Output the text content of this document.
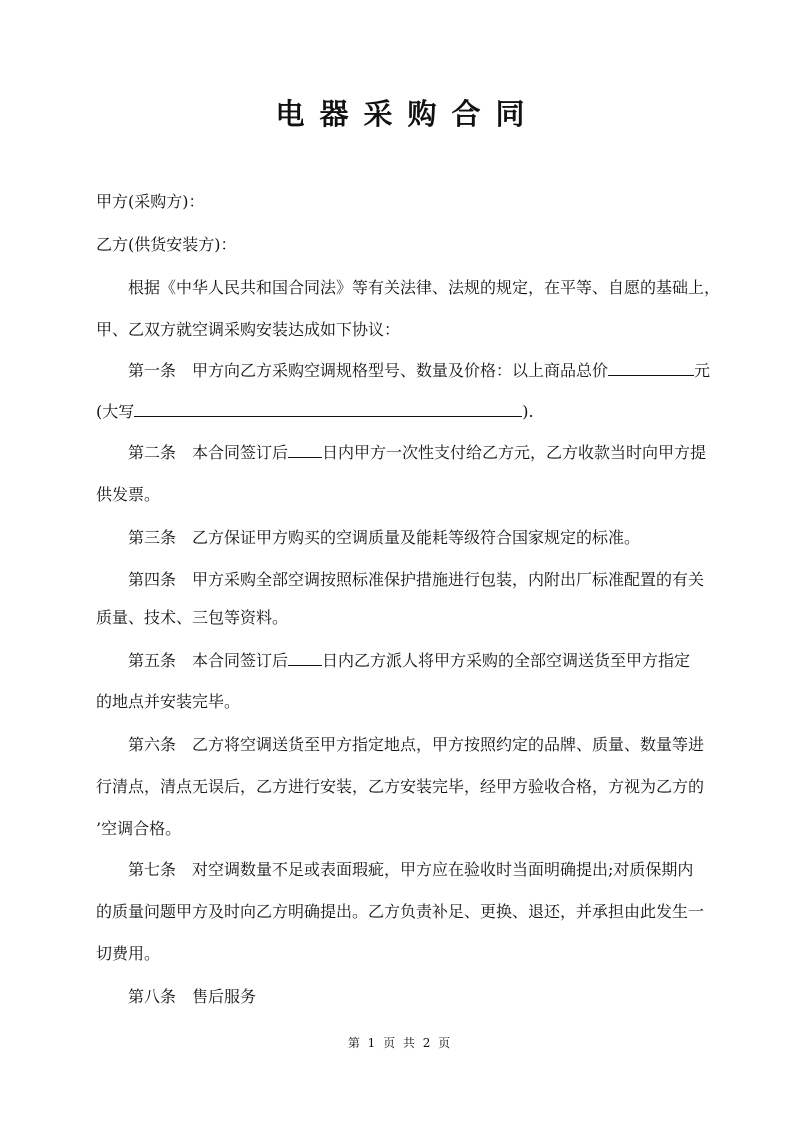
电器采购合同
甲方(采购方)：
乙方(供货安装方)：
根据《中华人民共和国合同法》等有关法律、法规的规定，在平等、自愿的基础上，
甲、乙双方就空调采购安装达成如下协议：
第一条 甲方向乙方采购空调规格型号、数量及价格：以上商品总价	元
(大写	).
第二条 本合同签订后 日内甲方一次性支付给乙方元，乙方收款当时向甲方提
供发票。
第三条 乙方保证甲方购买的空调质量及能耗等级符合国家规定的标准。
第四条 甲方采购全部空调按照标准保护措施进行包装，内附出厂标准配置的有关
质量、技术、三包等资料。
第五条 本合同签订后 日内乙方派人将甲方采购的全部空调送货至甲方指定
的地点并安装完毕。
第六条 乙方将空调送货至甲方指定地点，甲方按照约定的品牌、质量、数量等进
行清点，清点无误后，乙方进行安装，乙方安装完毕，经甲方验收合格，方视为乙方的
’空调合格。
第七条 对空调数量不足或表面瑕疵，甲方应在验收时当面明确提出;对质保期内
的质量问题甲方及时向乙方明确提出。乙方负责补足、更换、退还，并承担由此发生一
切费用。
第八条 售后服务
第 1 页 共 2 页
